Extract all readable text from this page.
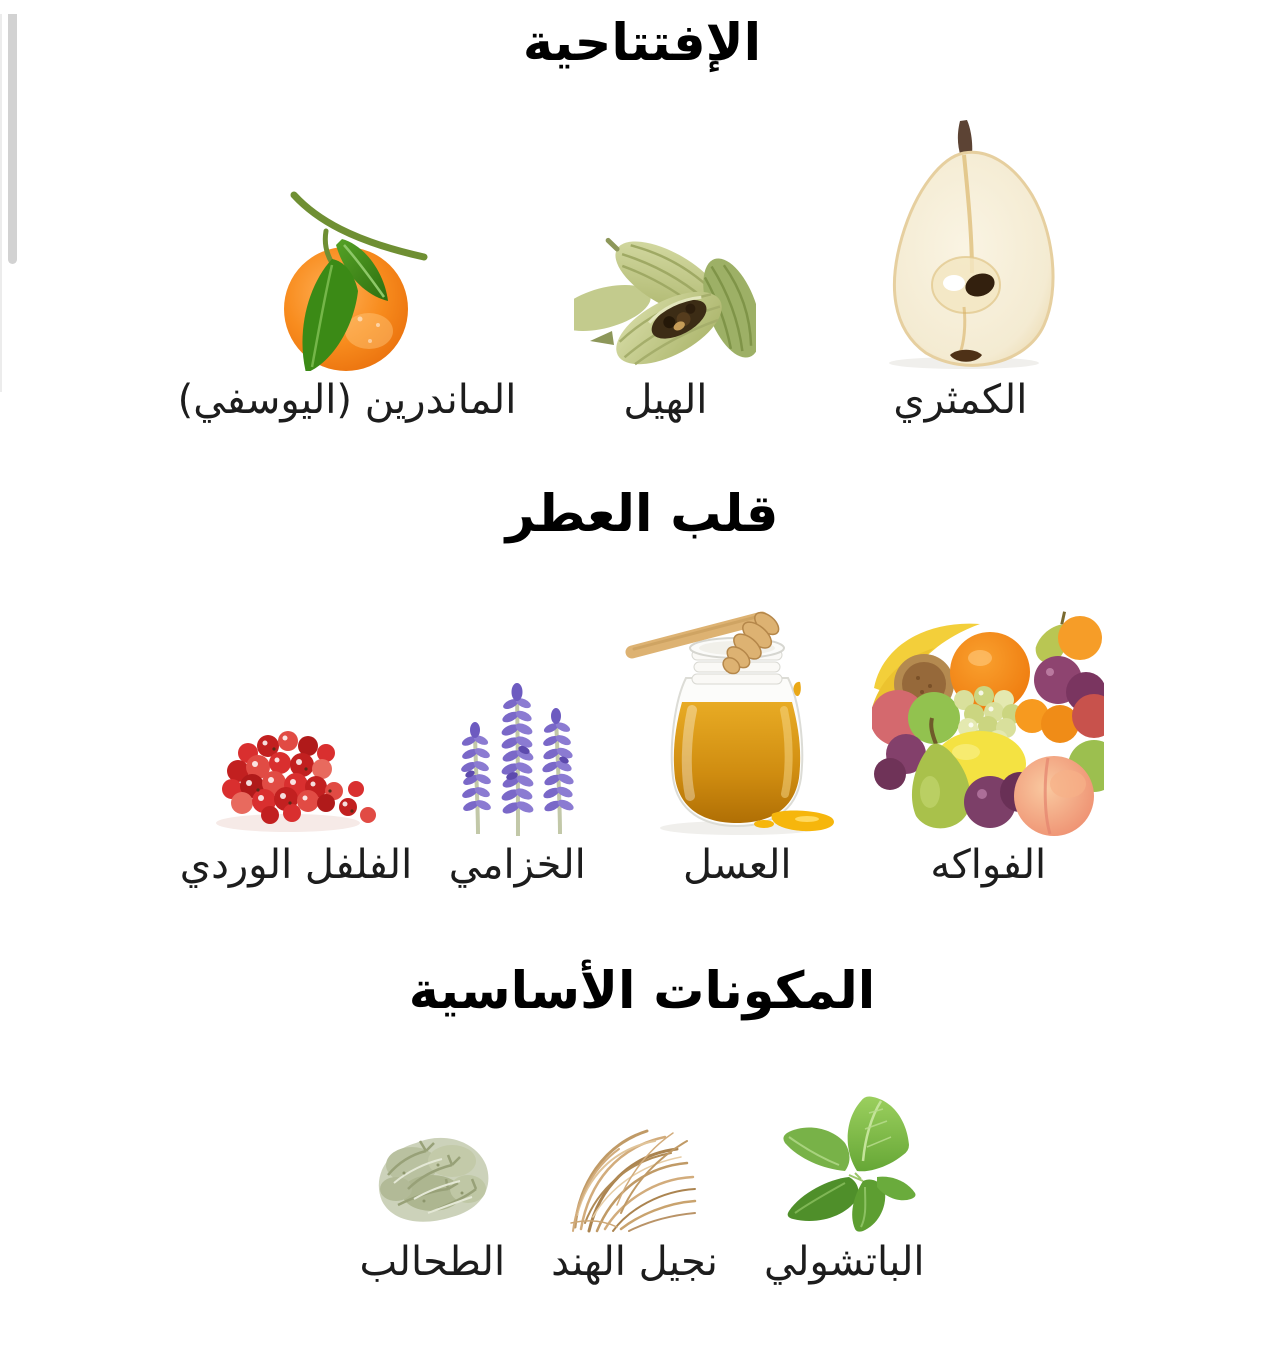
الإفتتاحية
الكمثري
الهيل
الماندرين (اليوسفي)
قلب العطر
الفواكه
العسل
الخزامي
الفلفل الوردي
المكونات الأساسية
الباتشولي
نجيل الهند
الطحالب
